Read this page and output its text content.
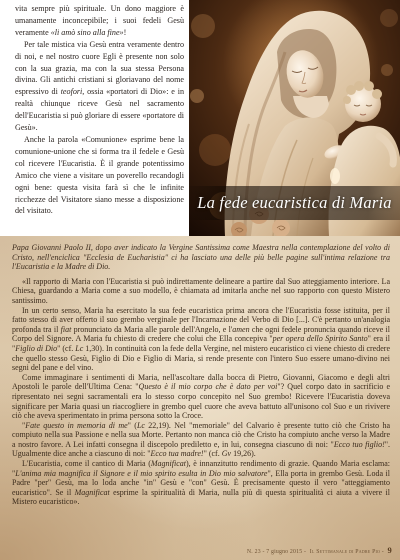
vita sempre più spirituale. Un dono maggiore è umanamente inconcepibile; i suoi fedeli Gesù veramente «li amò sino alla fine»!

Per tale mistica via Gesù entra veramente dentro di noi, e nel nostro cuore Egli è presente non solo con la sua grazia, ma con la sua stessa Persona divina. Gli antichi cristiani si gloriavano del nome espressivo di teofori, ossia «portatori di Dio»: e in realtà chiunque riceve Gesù nel sacramento dell'Eucaristia si può gloriare di essere «portatore di Gesù».

Anche la parola «Comunione» esprime bene la comunione-unione che si forma tra il fedele e Gesù col ricevere l'Eucaristia. È il grande potentissimo Amico che viene a visitare un poverello recandogli ogni bene: questa visita farà sì che le infinite ricchezze del Visitatore siano messe a disposizione del visitato.	La fede eucaristica di Maria

Papa Giovanni Paolo II, dopo aver indicato la Vergine Santissima come Maestra nella contemplazione del volto di Cristo, nell'enciclica "Ecclesia de Eucharistia" ci ha lasciato una delle più belle pagine sull'intima relazione tra l'Eucaristia e la Madre di Dio.

«Il rapporto di Maria con l'Eucaristia si può indirettamente delineare a partire dal Suo atteggiamento interiore. La Chiesa, guardando a Maria come a suo modello, è chiamata ad imitarla anche nel suo rapporto con questo Mistero santissimo.

In un certo senso, Maria ha esercitato la sua fede eucaristica prima ancora che l'Eucaristia fosse istituita, per il fatto stesso di aver offerto il suo grembo verginale per l'Incarnazione del Verbo di Dio [...]. C'è pertanto un'analogia profonda tra il fiat pronunciato da Maria alle parole dell'Angelo, e l'amen che ogni fedele pronuncia quando riceve il Corpo del Signore. A Maria fu chiesto di credere che colui che Ella concepiva "per opera dello Spirito Santo" era il "Figlio di Dio" (cf. Lc 1,30). In continuità con la fede della Vergine, nel mistero eucaristico ci viene chiesto di credere che quello stesso Gesù, Figlio di Dio e Figlio di Maria, si rende presente con l'intero Suo essere umano-divino nei segni del pane e del vino.

Come immaginare i sentimenti di Maria, nell'ascoltare dalla bocca di Pietro, Giovanni, Giacomo e degli altri Apostoli le parole dell'Ultima Cena: "Questo è il mio corpo che è dato per voi"? Quel corpo dato in sacrificio e ripresentato nei segni sacramentali era lo stesso corpo concepito nel Suo grembo! Ricevere l'Eucaristia doveva significare per Maria quasi un riaccogliere in grembo quel cuore che aveva battuto all'unisono col Suo e un rivivere ciò che aveva sperimentato in prima persona sotto la Croce.

"Fate questo in memoria di me" (Lc 22,19). Nel "memoriale" del Calvario è presente tutto ciò che Cristo ha compiuto nella sua Passione e nella sua Morte. Pertanto non manca ciò che Cristo ha compiuto anche verso la Madre a nostro favore. A Lei infatti consegna il discepolo prediletto e, in lui, consegna ciascuno di noi: "Ecco tuo figlio!". Ugualmente dice anche a ciascuno di noi: "Ecco tua madre!" (cf. Gv 19,26).

L'Eucaristia, come il cantico di Maria (Magnificat), è innanzitutto rendimento di grazie. Quando Maria esclama: "L'anima mia magnifica il Signore e il mio spirito esulta in Dio mio salvatore", Ella porta in grembo Gesù. Loda il Padre "per" Gesù, ma lo loda anche "in" Gesù e "con" Gesù. È precisamente questo il vero "atteggiamento eucaristico". Se il Magnificat esprime la spiritualità di Maria, nulla più di questa spiritualità ci aiuta a vivere il Mistero eucaristico».

N. 23 - 7 giugno 2015 - Il Settimanale di Padre Pio - 9
